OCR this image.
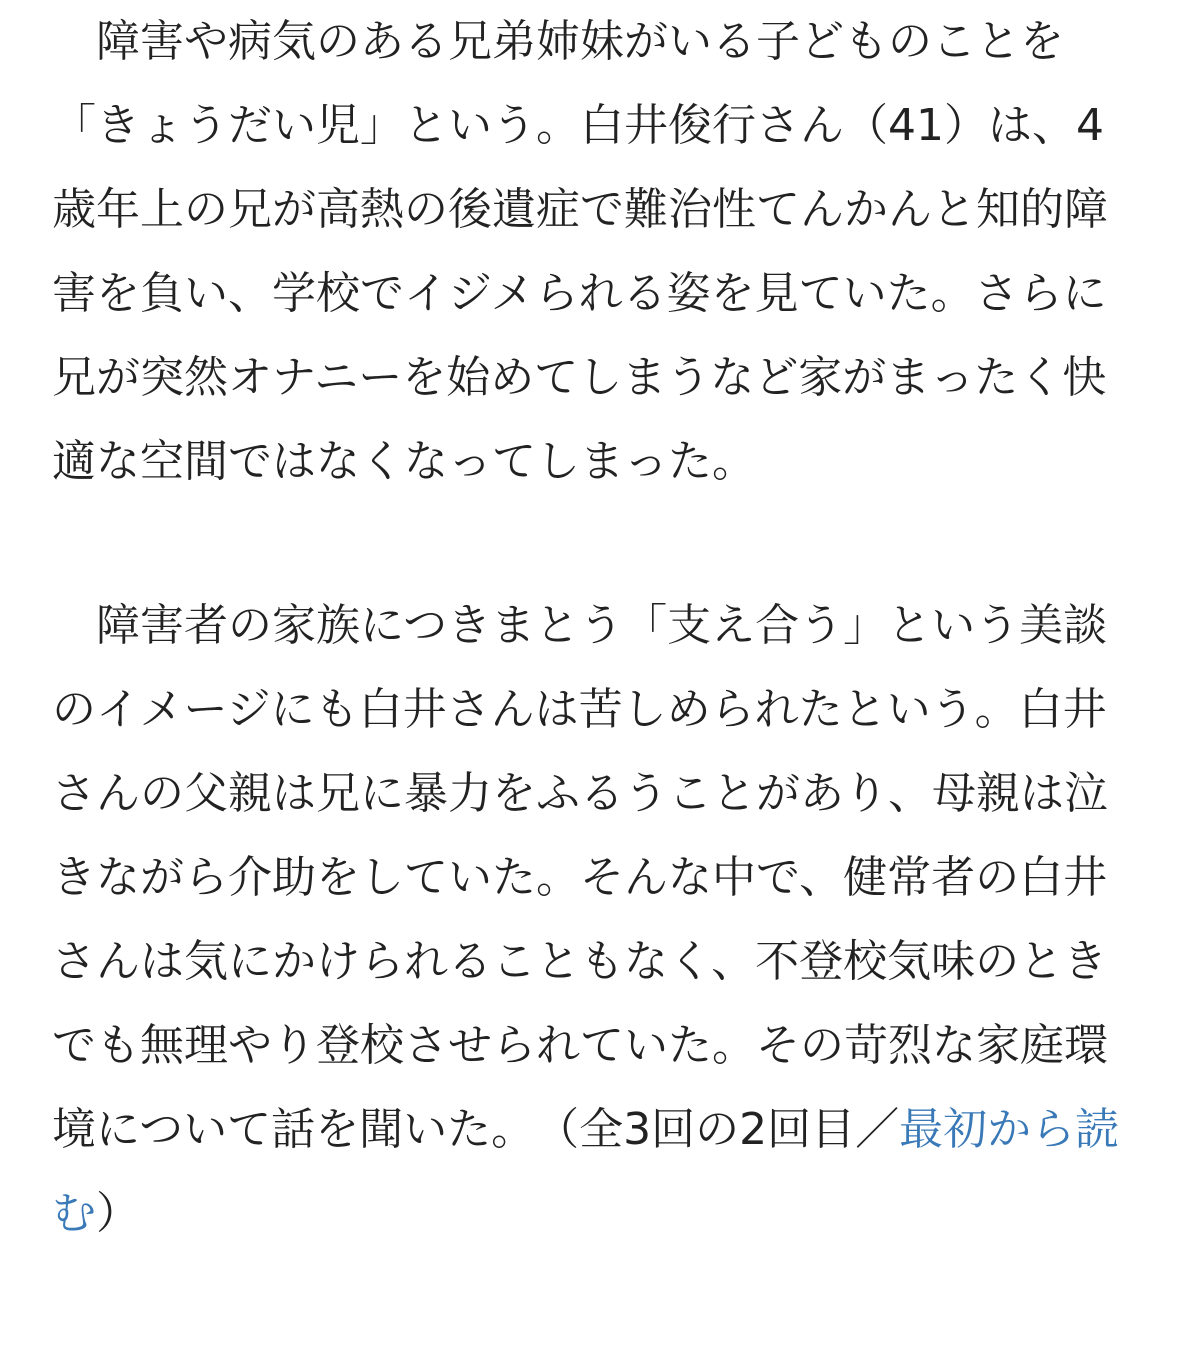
障害や病気のある兄弟姉妹がいる子どものことを「きょうだい児」という。白井俊行さん（41）は、4歳年上の兄が高熱の後遺症で難治性てんかんと知的障害を負い、学校でイジメられる姿を見ていた。さらに兄が突然オナニーを始めてしまうなど家がまったく快適な空間ではなくなってしまった。

障害者の家族につきまとう「支え合う」という美談のイメージにも白井さんは苦しめられたという。白井さんの父親は兄に暴力をふるうことがあり、母親は泣きながら介助をしていた。そんな中で、健常者の白井さんは気にかけられることもなく、不登校気味のときでも無理やり登校させられていた。その苛烈な家庭環境について話を聞いた。　 （全3回の2回目／最初から読む）
